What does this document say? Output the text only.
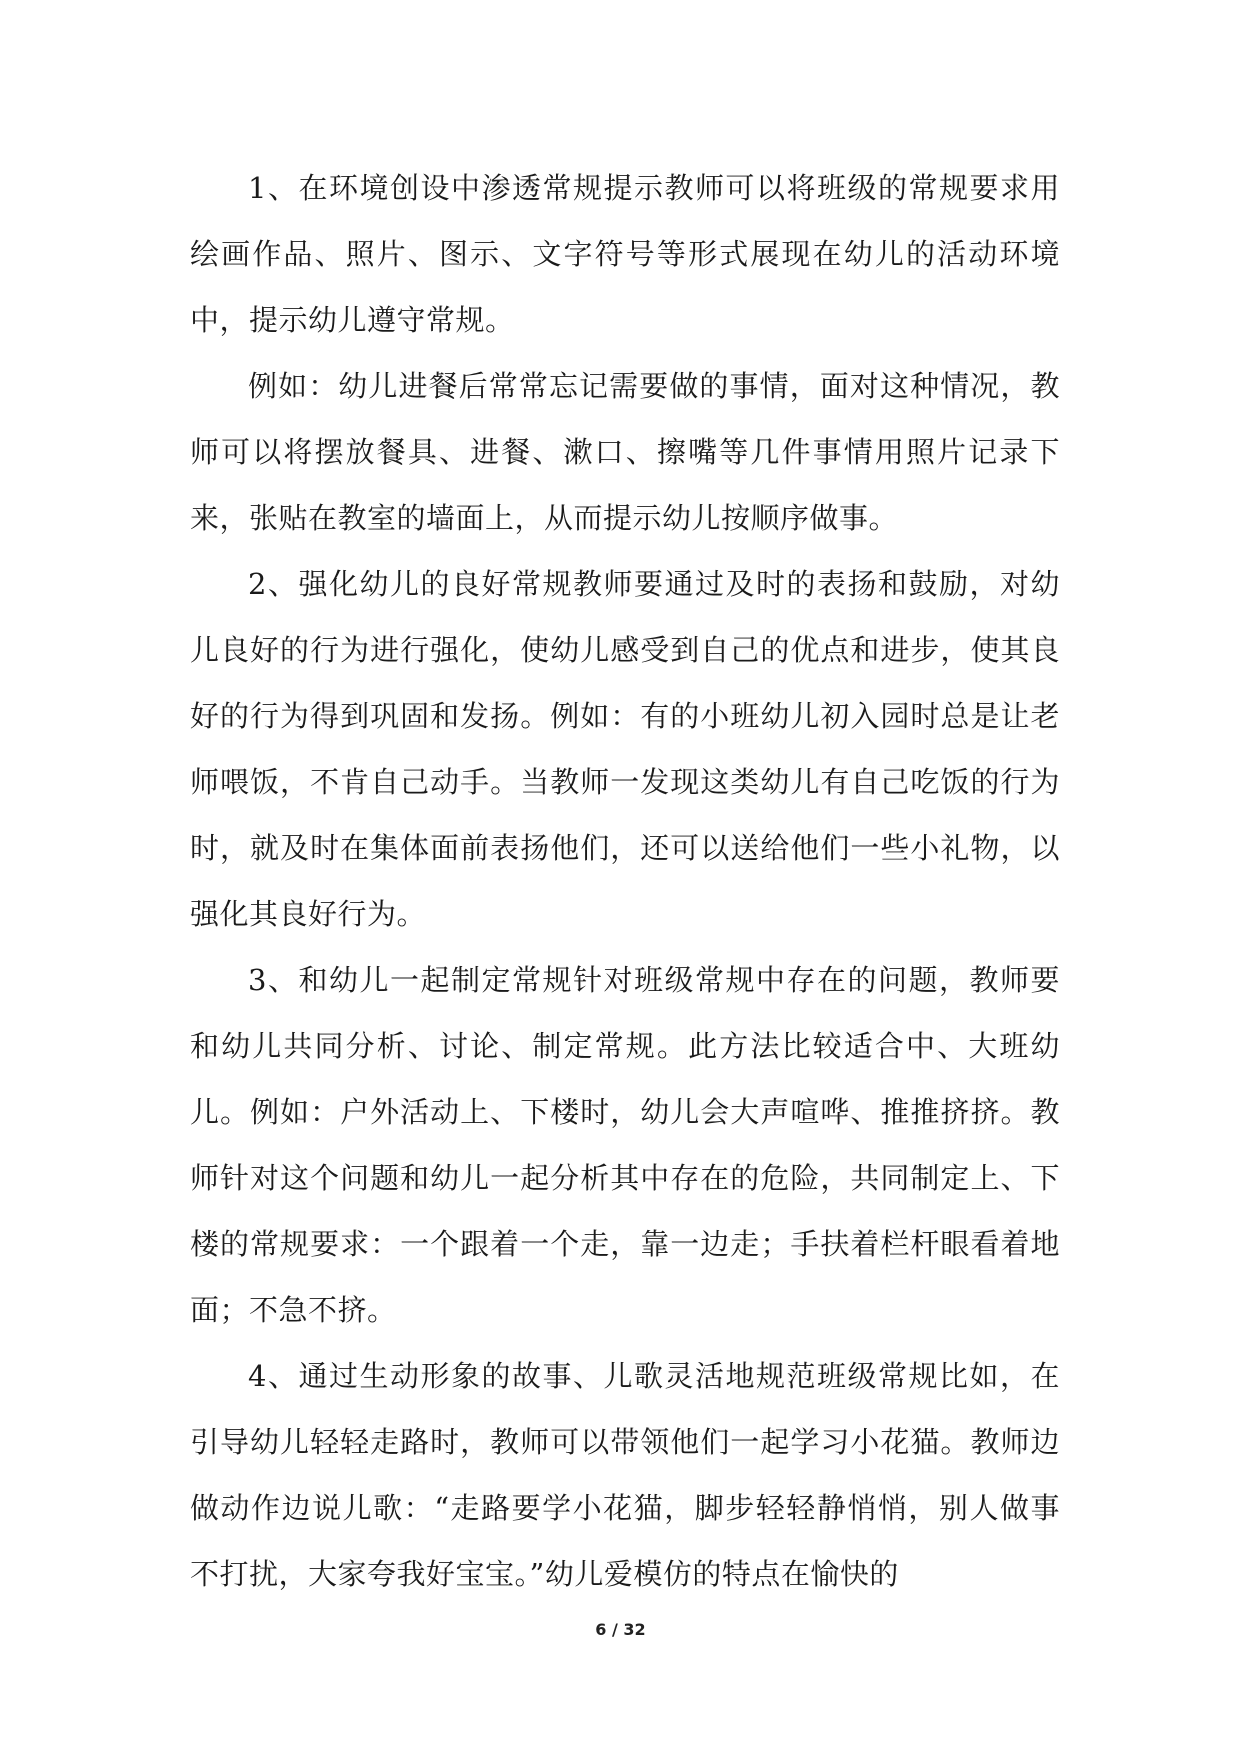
1、在环境创设中渗透常规提示教师可以将班级的常规要求用绘画作品、照片、图示、文字符号等形式展现在幼儿的活动环境中，提示幼儿遵守常规。

例如：幼儿进餐后常常忘记需要做的事情，面对这种情况，教师可以将摆放餐具、进餐、漱口、擦嘴等几件事情用照片记录下来，张贴在教室的墙面上，从而提示幼儿按顺序做事。

2、强化幼儿的良好常规教师要通过及时的表扬和鼓励，对幼儿良好的行为进行强化，使幼儿感受到自己的优点和进步，使其良好的行为得到巩固和发扬。例如：有的小班幼儿初入园时总是让老师喂饭，不肯自己动手。当教师一发现这类幼儿有自己吃饭的行为时，就及时在集体面前表扬他们，还可以送给他们一些小礼物，以强化其良好行为。

3、和幼儿一起制定常规针对班级常规中存在的问题，教师要和幼儿共同分析、讨论、制定常规。此方法比较适合中、大班幼儿。例如：户外活动上、下楼时，幼儿会大声喧哗、推推挤挤。教师针对这个问题和幼儿一起分析其中存在的危险，共同制定上、下楼的常规要求：一个跟着一个走，靠一边走；手扶着栏杆眼看着地面；不急不挤。

4、通过生动形象的故事、儿歌灵活地规范班级常规比如，在引导幼儿轻轻走路时，教师可以带领他们一起学习小花猫。教师边做动作边说儿歌：“走路要学小花猫，脚步轻轻静悄悄，别人做事不打扰，大家夸我好宝宝。”幼儿爱模仿的特点在愉快的

6 / 32
